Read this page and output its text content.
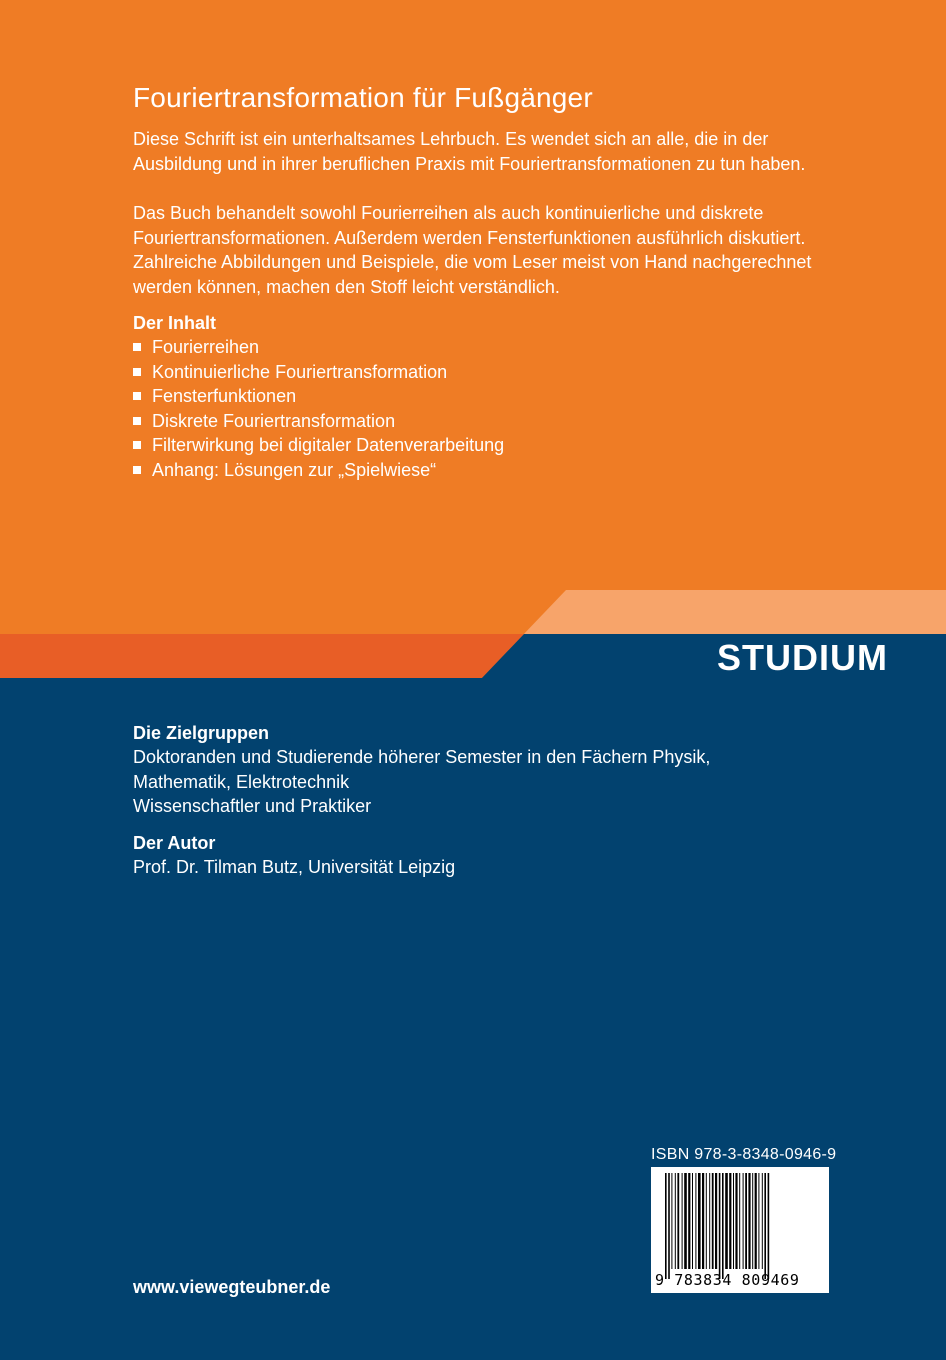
Fouriertransformation für Fußgänger

Diese Schrift ist ein unterhaltsames Lehrbuch. Es wendet sich an alle, die in der Ausbildung und in ihrer beruflichen Praxis mit Fouriertransformationen zu tun haben.

Das Buch behandelt sowohl Fourierreihen als auch kontinuierliche und diskrete Fouriertransformationen. Außerdem werden Fensterfunktionen ausführlich diskutiert. Zahlreiche Abbildungen und Beispiele, die vom Leser meist von Hand nachgerechnet werden können, machen den Stoff leicht verständlich.

Der Inhalt
Fourierreihen
Kontinuierliche Fouriertransformation
Fensterfunktionen
Diskrete Fouriertransformation
Filterwirkung bei digitaler Datenverarbeitung
Anhang: Lösungen zur „Spielwiese“
STUDIUM
Die Zielgruppen

Doktoranden und Studierende höherer Semester in den Fächern Physik, Mathematik, Elektrotechnik
Wissenschaftler und Praktiker

Der Autor

Prof. Dr. Tilman Butz, Universität Leipzig

www.viewegteubner.de
ISBN 978-3-8348-0946-9
9 783834 809469
